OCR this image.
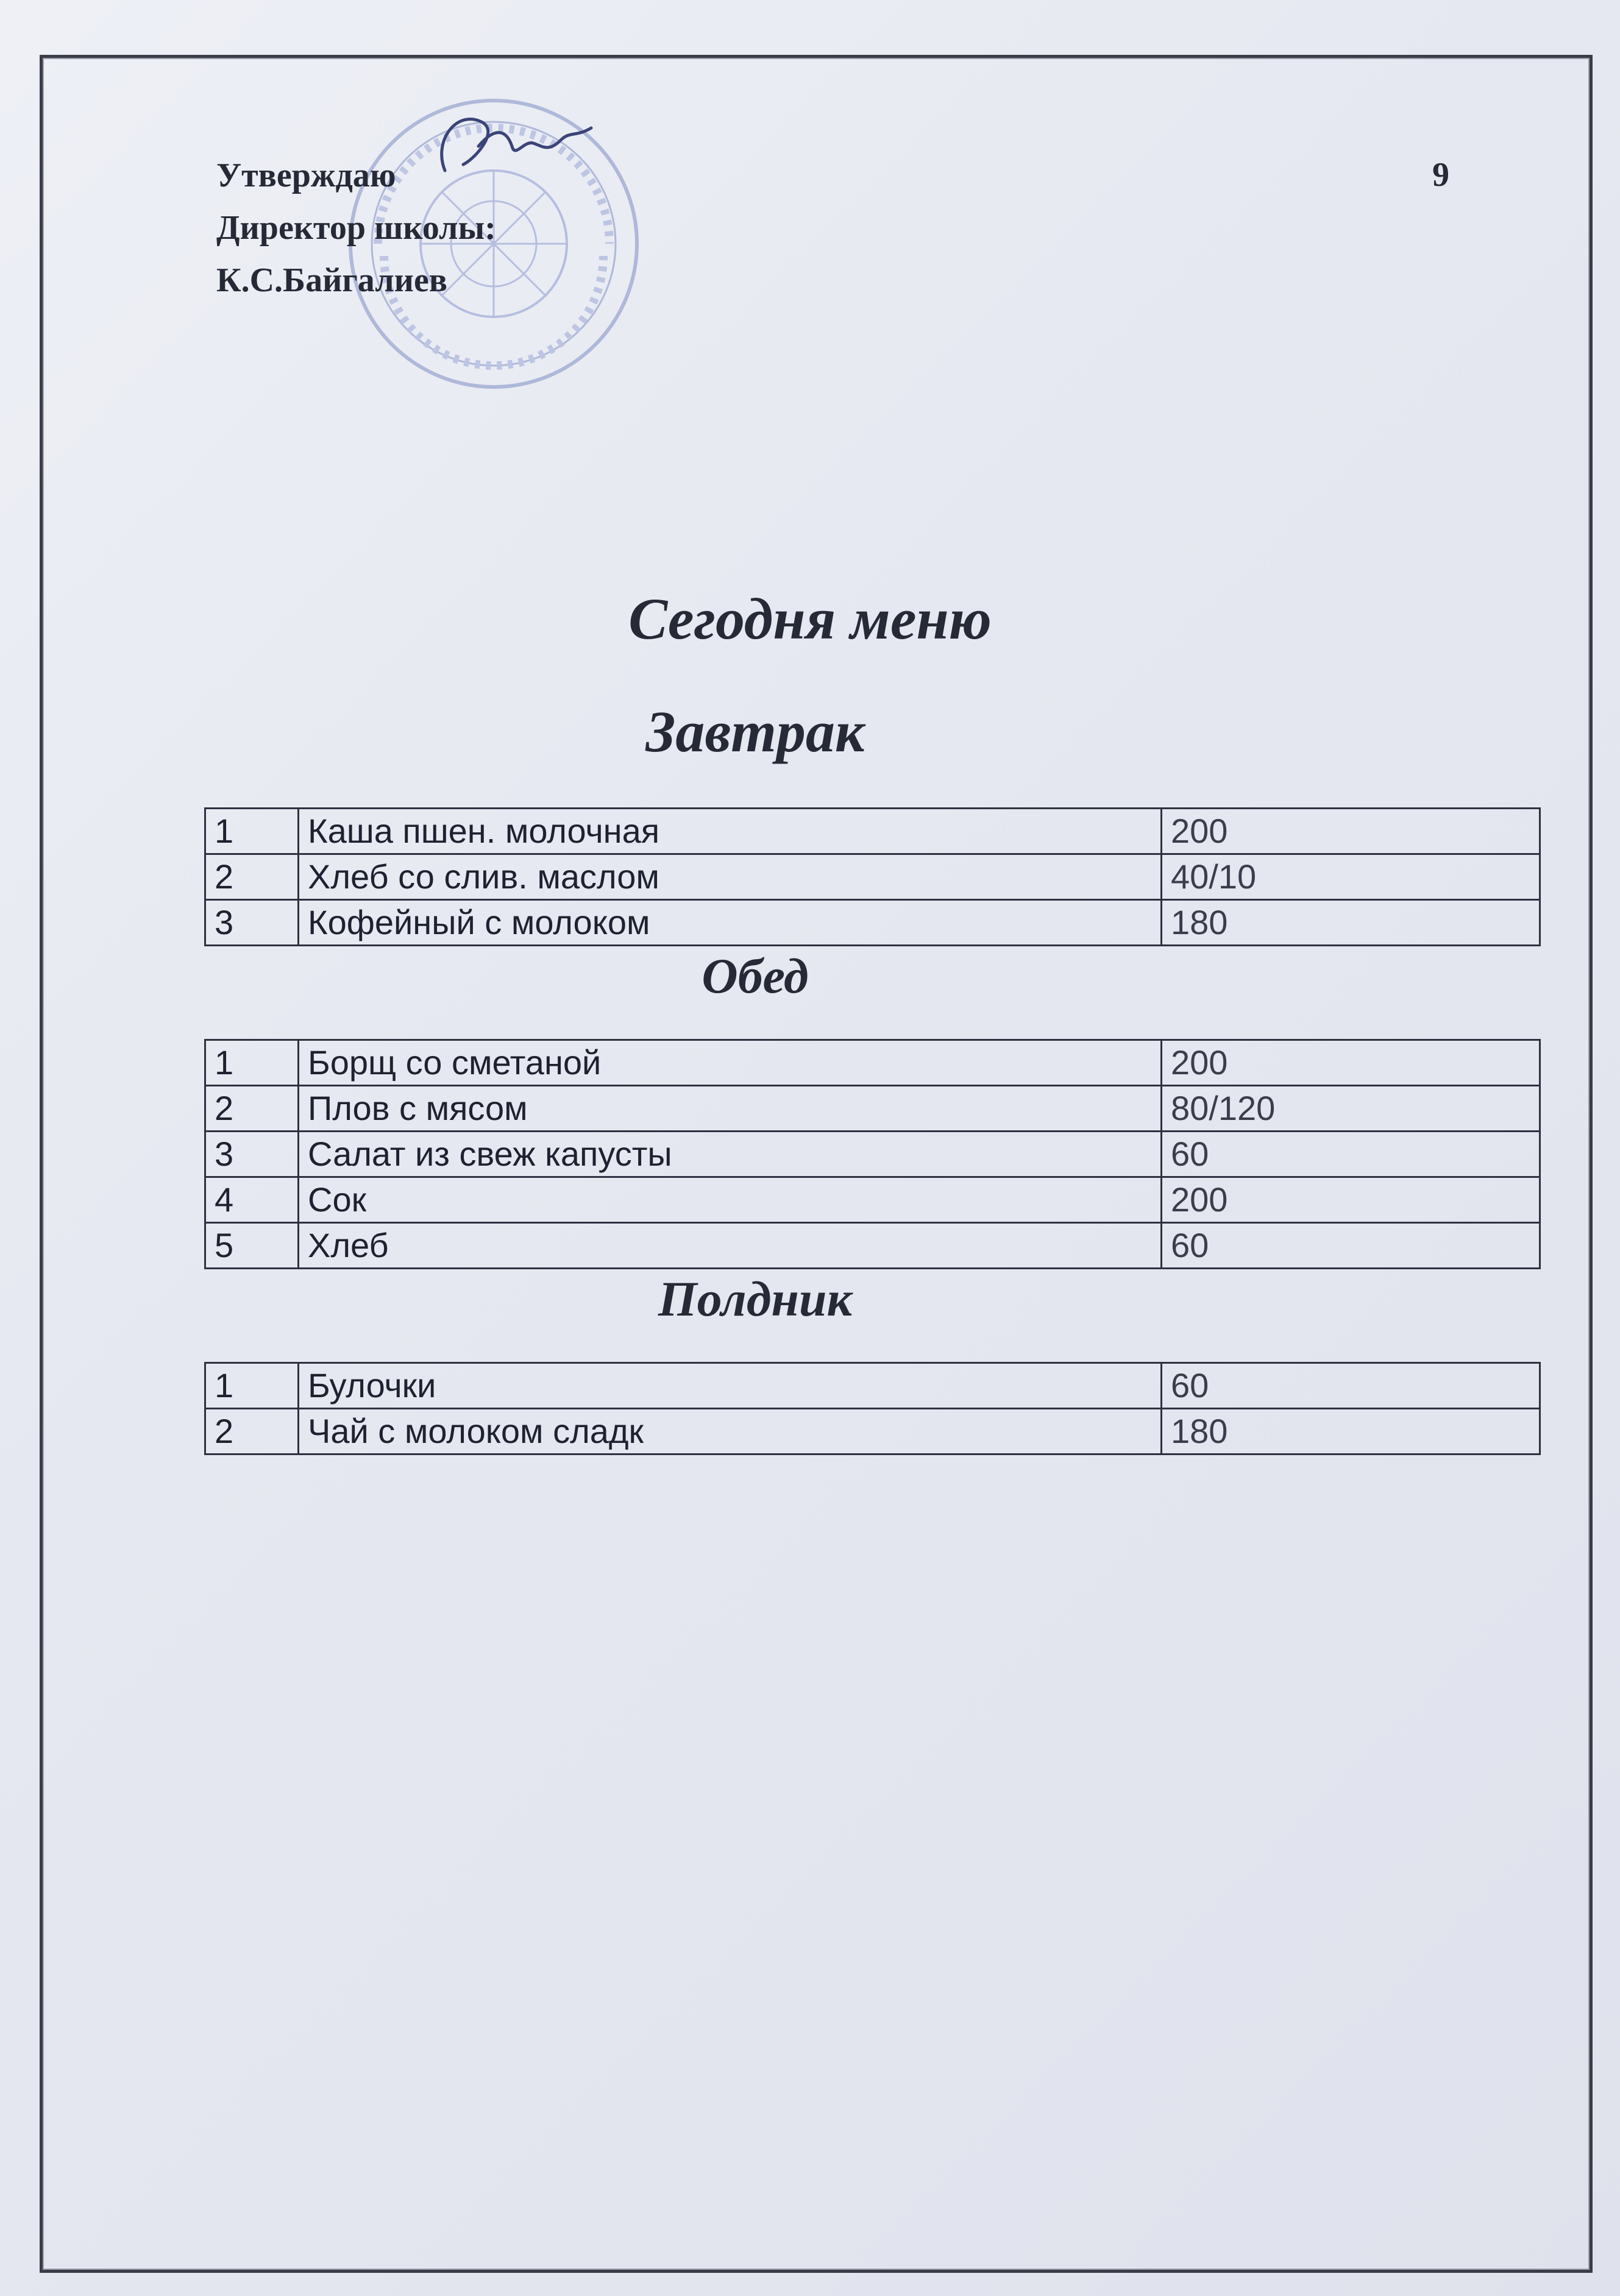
Утверждаю
Директор школы:
К.С.Байгалиев
9
Сегодня меню
Завтрак
1	Каша пшен. молочная	200
2	Хлеб со слив. маслом	40/10
3	Кофейный с молоком	180
Обед
1	Борщ со сметаной	200
2	Плов с мясом	80/120
3	Салат из свеж капусты	60
4	Сок	200
5	Хлеб	60
Полдник
1	Булочки	60
2	Чай с молоком сладк	180
